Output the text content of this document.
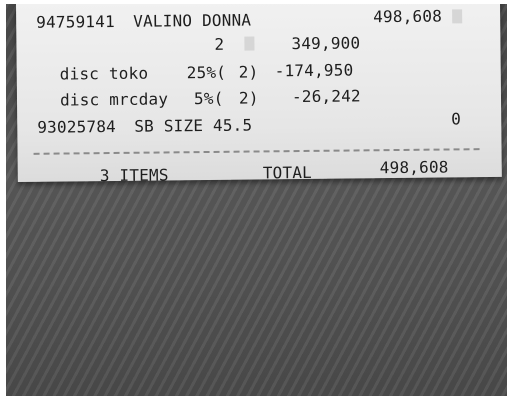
94759141 VALINO DONNA	498,608
2	349,900
disc toko 25%( 2) -174,950
disc mrcday 5%( 2) -26,242
93025784 SB SIZE 45.5	0
3 ITEMS	TOTAL	498,608
